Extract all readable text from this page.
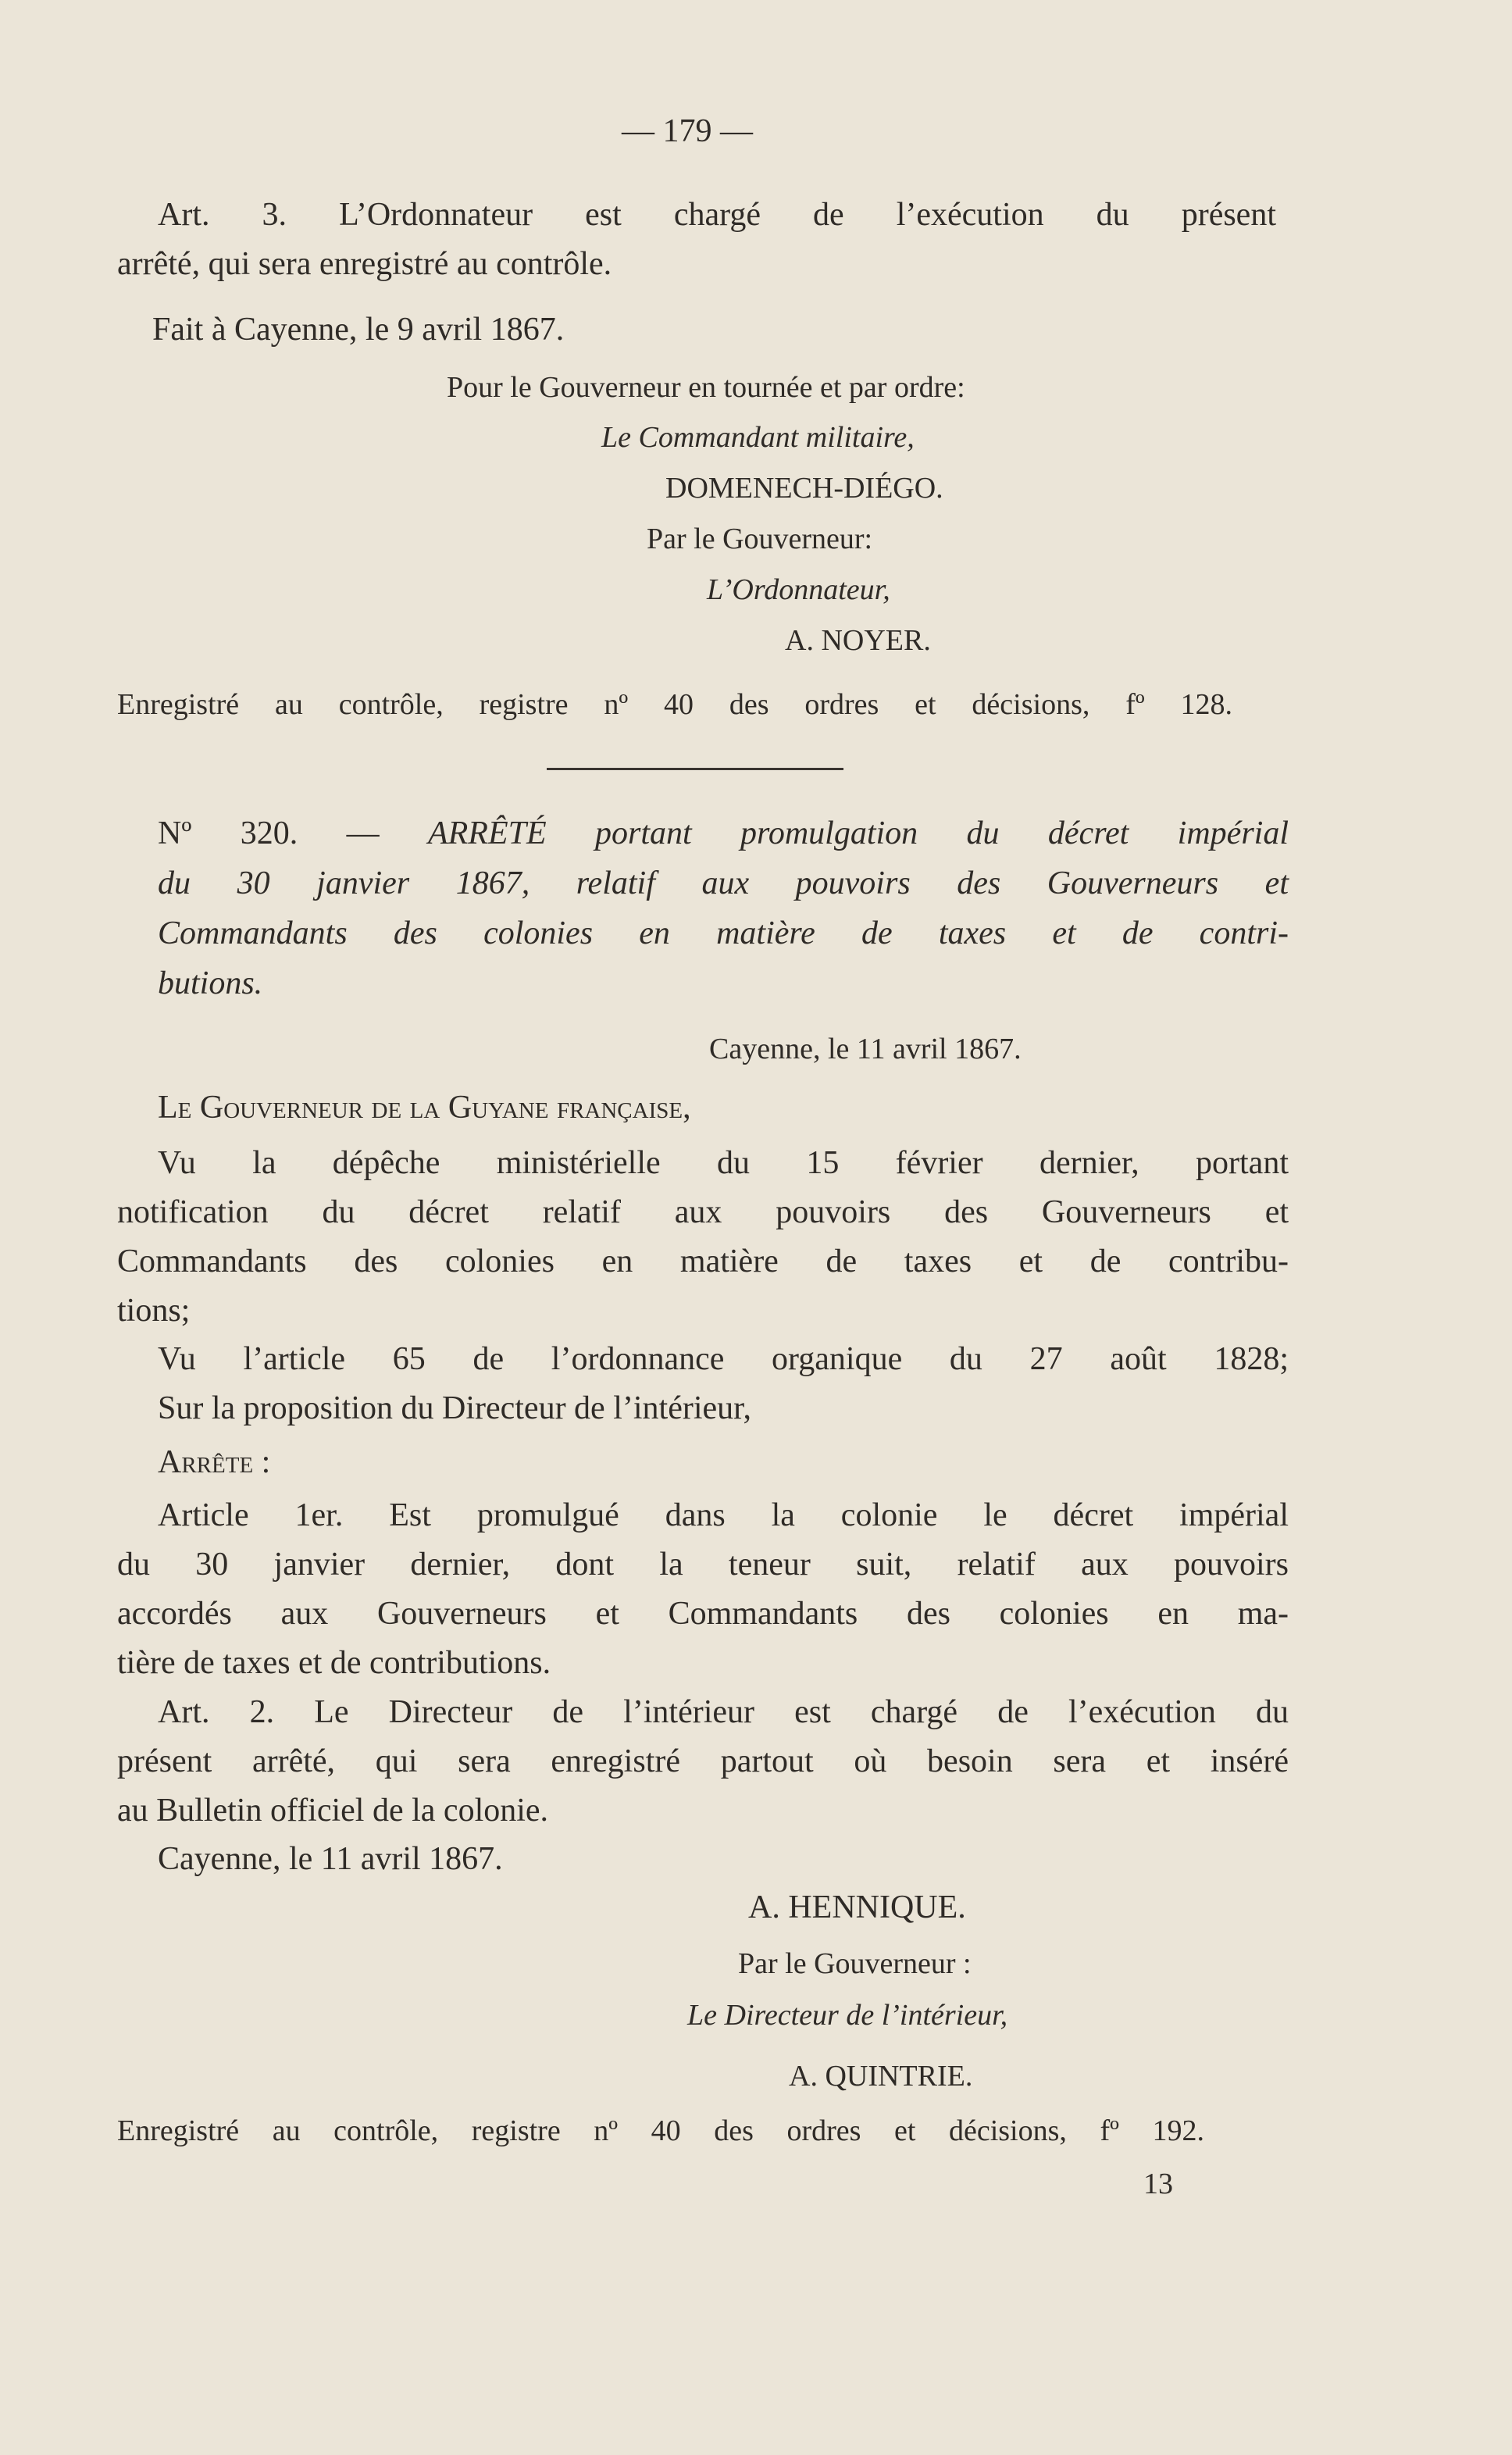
— 179 —
Art. 3. L’Ordonnateur est chargé de l’exécution du présent
arrêté, qui sera enregistré au contrôle.
Fait à Cayenne, le 9 avril 1867.
Pour le Gouverneur en tournée et par ordre:
Le Commandant militaire,
DOMENECH-DIÉGO.
Par le Gouverneur:
L’Ordonnateur,
A. NOYER.
Enregistré au contrôle, registre nº 40 des ordres et décisions, fº 128.
Nº 320. — ARRÊTÉ portant promulgation du décret impérial
du 30 janvier 1867, relatif aux pouvoirs des Gouverneurs et
Commandants des colonies en matière de taxes et de contri-
butions.
Cayenne, le 11 avril 1867.
Le Gouverneur de la Guyane française,
Vu la dépêche ministérielle du 15 février dernier, portant
notification du décret relatif aux pouvoirs des Gouverneurs et
Commandants des colonies en matière de taxes et de contribu-
tions;
Vu l’article 65 de l’ordonnance organique du 27 août 1828;
Sur la proposition du Directeur de l’intérieur,
Arrête :
Article 1er. Est promulgué dans la colonie le décret impérial
du 30 janvier dernier, dont la teneur suit, relatif aux pouvoirs
accordés aux Gouverneurs et Commandants des colonies en ma-
tière de taxes et de contributions.
Art. 2. Le Directeur de l’intérieur est chargé de l’exécution du
présent arrêté, qui sera enregistré partout où besoin sera et inséré
au Bulletin officiel de la colonie.
Cayenne, le 11 avril 1867.
A. HENNIQUE.
Par le Gouverneur :
Le Directeur de l’intérieur,
A. QUINTRIE.
Enregistré au contrôle, registre nº 40 des ordres et décisions, fº 192.
13
